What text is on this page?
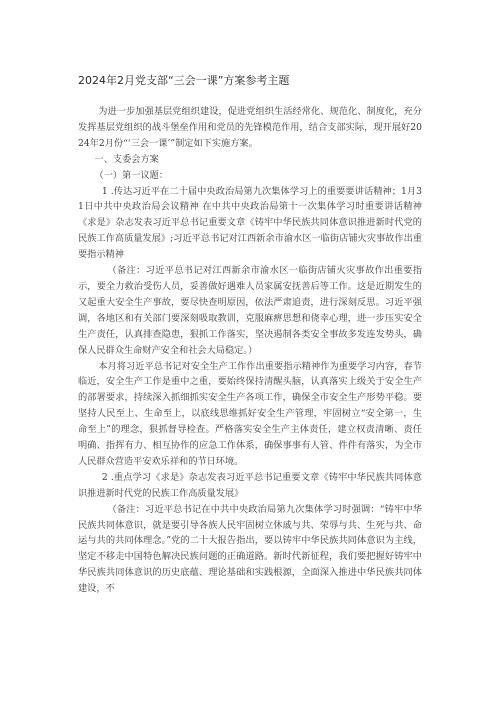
2024年2月党支部“三会一课”方案参考主题

为进一步加强基层党组织建设，促进党组织生活经常化、规范化、制度化，充分发挥基层党组织的战斗堡垒作用和党员的先锋模范作用，结合支部实际，现开展好2024年2月份“‘三会一课’”制定如下实施方案。

一、支委会方案

（一）第一议题：

1 .传达习近平在二十届中央政治局第九次集体学习上的重要要讲话精神；1月31日中共中央政治局会议精神 在中共中央政治局第十一次集体学习时重要讲话精神 《求是》杂志发表习近平总书记重要文章《铸牢中华民族共同体意识推进新时代党的民族工作高质量发展》;习近平总书记对江西新余市渝水区一临街店铺火灾事故作出重要指示精神

（备注：习近平总书记对江西新余市渝水区一临街店铺火灾事故作出重要指示，要全力救治受伤人员，妥善做好遇难人员家属安抚善后等工作。这是近期发生的又起重大安全生产事故，要尽快查明原因，依法严肃追责，进行深刻反思。习近平强调，各地区和有关部门要深刻吸取教训，克服麻痹思想和侥幸心理，进一步压实安全生产责任，认真排查隐患，狠抓工作落实，坚决遏制各类安全事故多发连发势头，确保人民群众生命财产安全和社会大局稳定。）

本月将习近平总书记对安全生产工作作出重要指示精神作为重要学习内容，春节临近，安全生产工作是重中之重，要始终保持清醒头脑，认真落实上级关于安全生产的部署要求，持续深入抓细抓实安全生产各项工作，确保全市安全生产形势平稳。要坚持人民至上、生命至上，以底线思维抓好安全生产管理，牢固树立“安全第一，生命至上”的理念，狠抓督导检查。严格落实安全生产主体责任，建立权责清晰、责任明确、指挥有力、相互协作的应急工作体系，确保事事有人管、件件有落实，为全市人民群众营造平安欢乐祥和的节日环境。

2 .重点学习《求是》杂志发表习近平总书记重要文章《铸牢中华民族共同体意识推进新时代党的民族工作高质量发展》

（备注：习近平总书记在中共中央政治局第九次集体学习时强调：“铸牢中华民族共同体意识，就是要引导各族人民牢固树立休戚与共、荣辱与共、生死与共、命运与共的共同体理念。”党的二十大报告指出，要以铸牢中华民族共同体意识为主线，坚定不移走中国特色解决民族问题的正确道路。新时代新征程，我们要把握好铸牢中华民族共同体意识的历史底蕴、理论基础和实践根源，全面深入推进中华民族共同体建设，不
